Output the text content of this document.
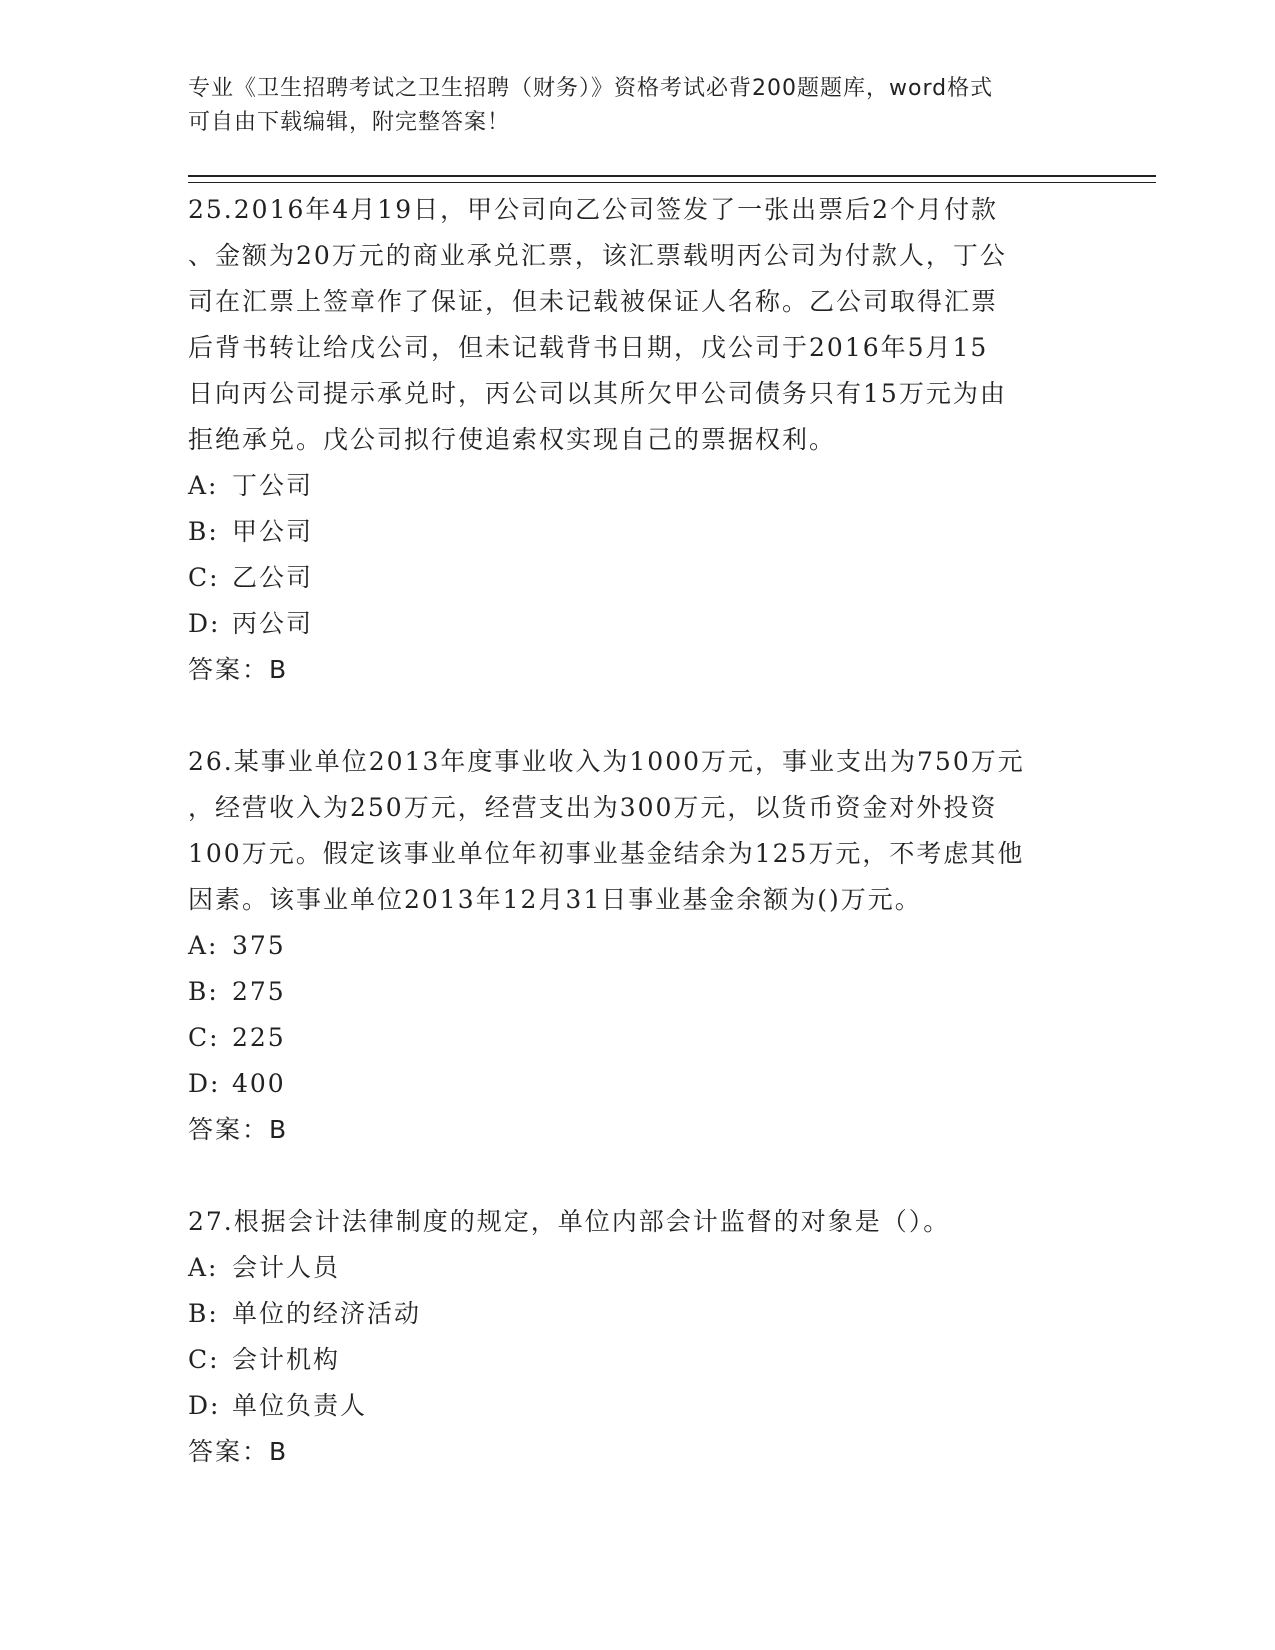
专业《卫生招聘考试之卫生招聘（财务）》资格考试必背200题题库，word格式
可自由下载编辑，附完整答案！
25.2016年4月19日，甲公司向乙公司签发了一张出票后2个月付款
、金额为20万元的商业承兑汇票，该汇票载明丙公司为付款人，丁公
司在汇票上签章作了保证，但未记载被保证人名称。乙公司取得汇票
后背书转让给戊公司，但未记载背书日期，戊公司于2016年5月15
日向丙公司提示承兑时，丙公司以其所欠甲公司债务只有15万元为由
拒绝承兑。戊公司拟行使追索权实现自己的票据权利。
A: 丁公司
B: 甲公司
C: 乙公司
D: 丙公司
答案：B
26.某事业单位2013年度事业收入为1000万元，事业支出为750万元
，经营收入为250万元，经营支出为300万元，以货币资金对外投资
100万元。假定该事业单位年初事业基金结余为125万元，不考虑其他
因素。该事业单位2013年12月31日事业基金余额为()万元。
A: 375
B: 275
C: 225
D: 400
答案：B
27.根据会计法律制度的规定，单位内部会计监督的对象是（）。
A: 会计人员
B: 单位的经济活动
C: 会计机构
D: 单位负责人
答案：B
